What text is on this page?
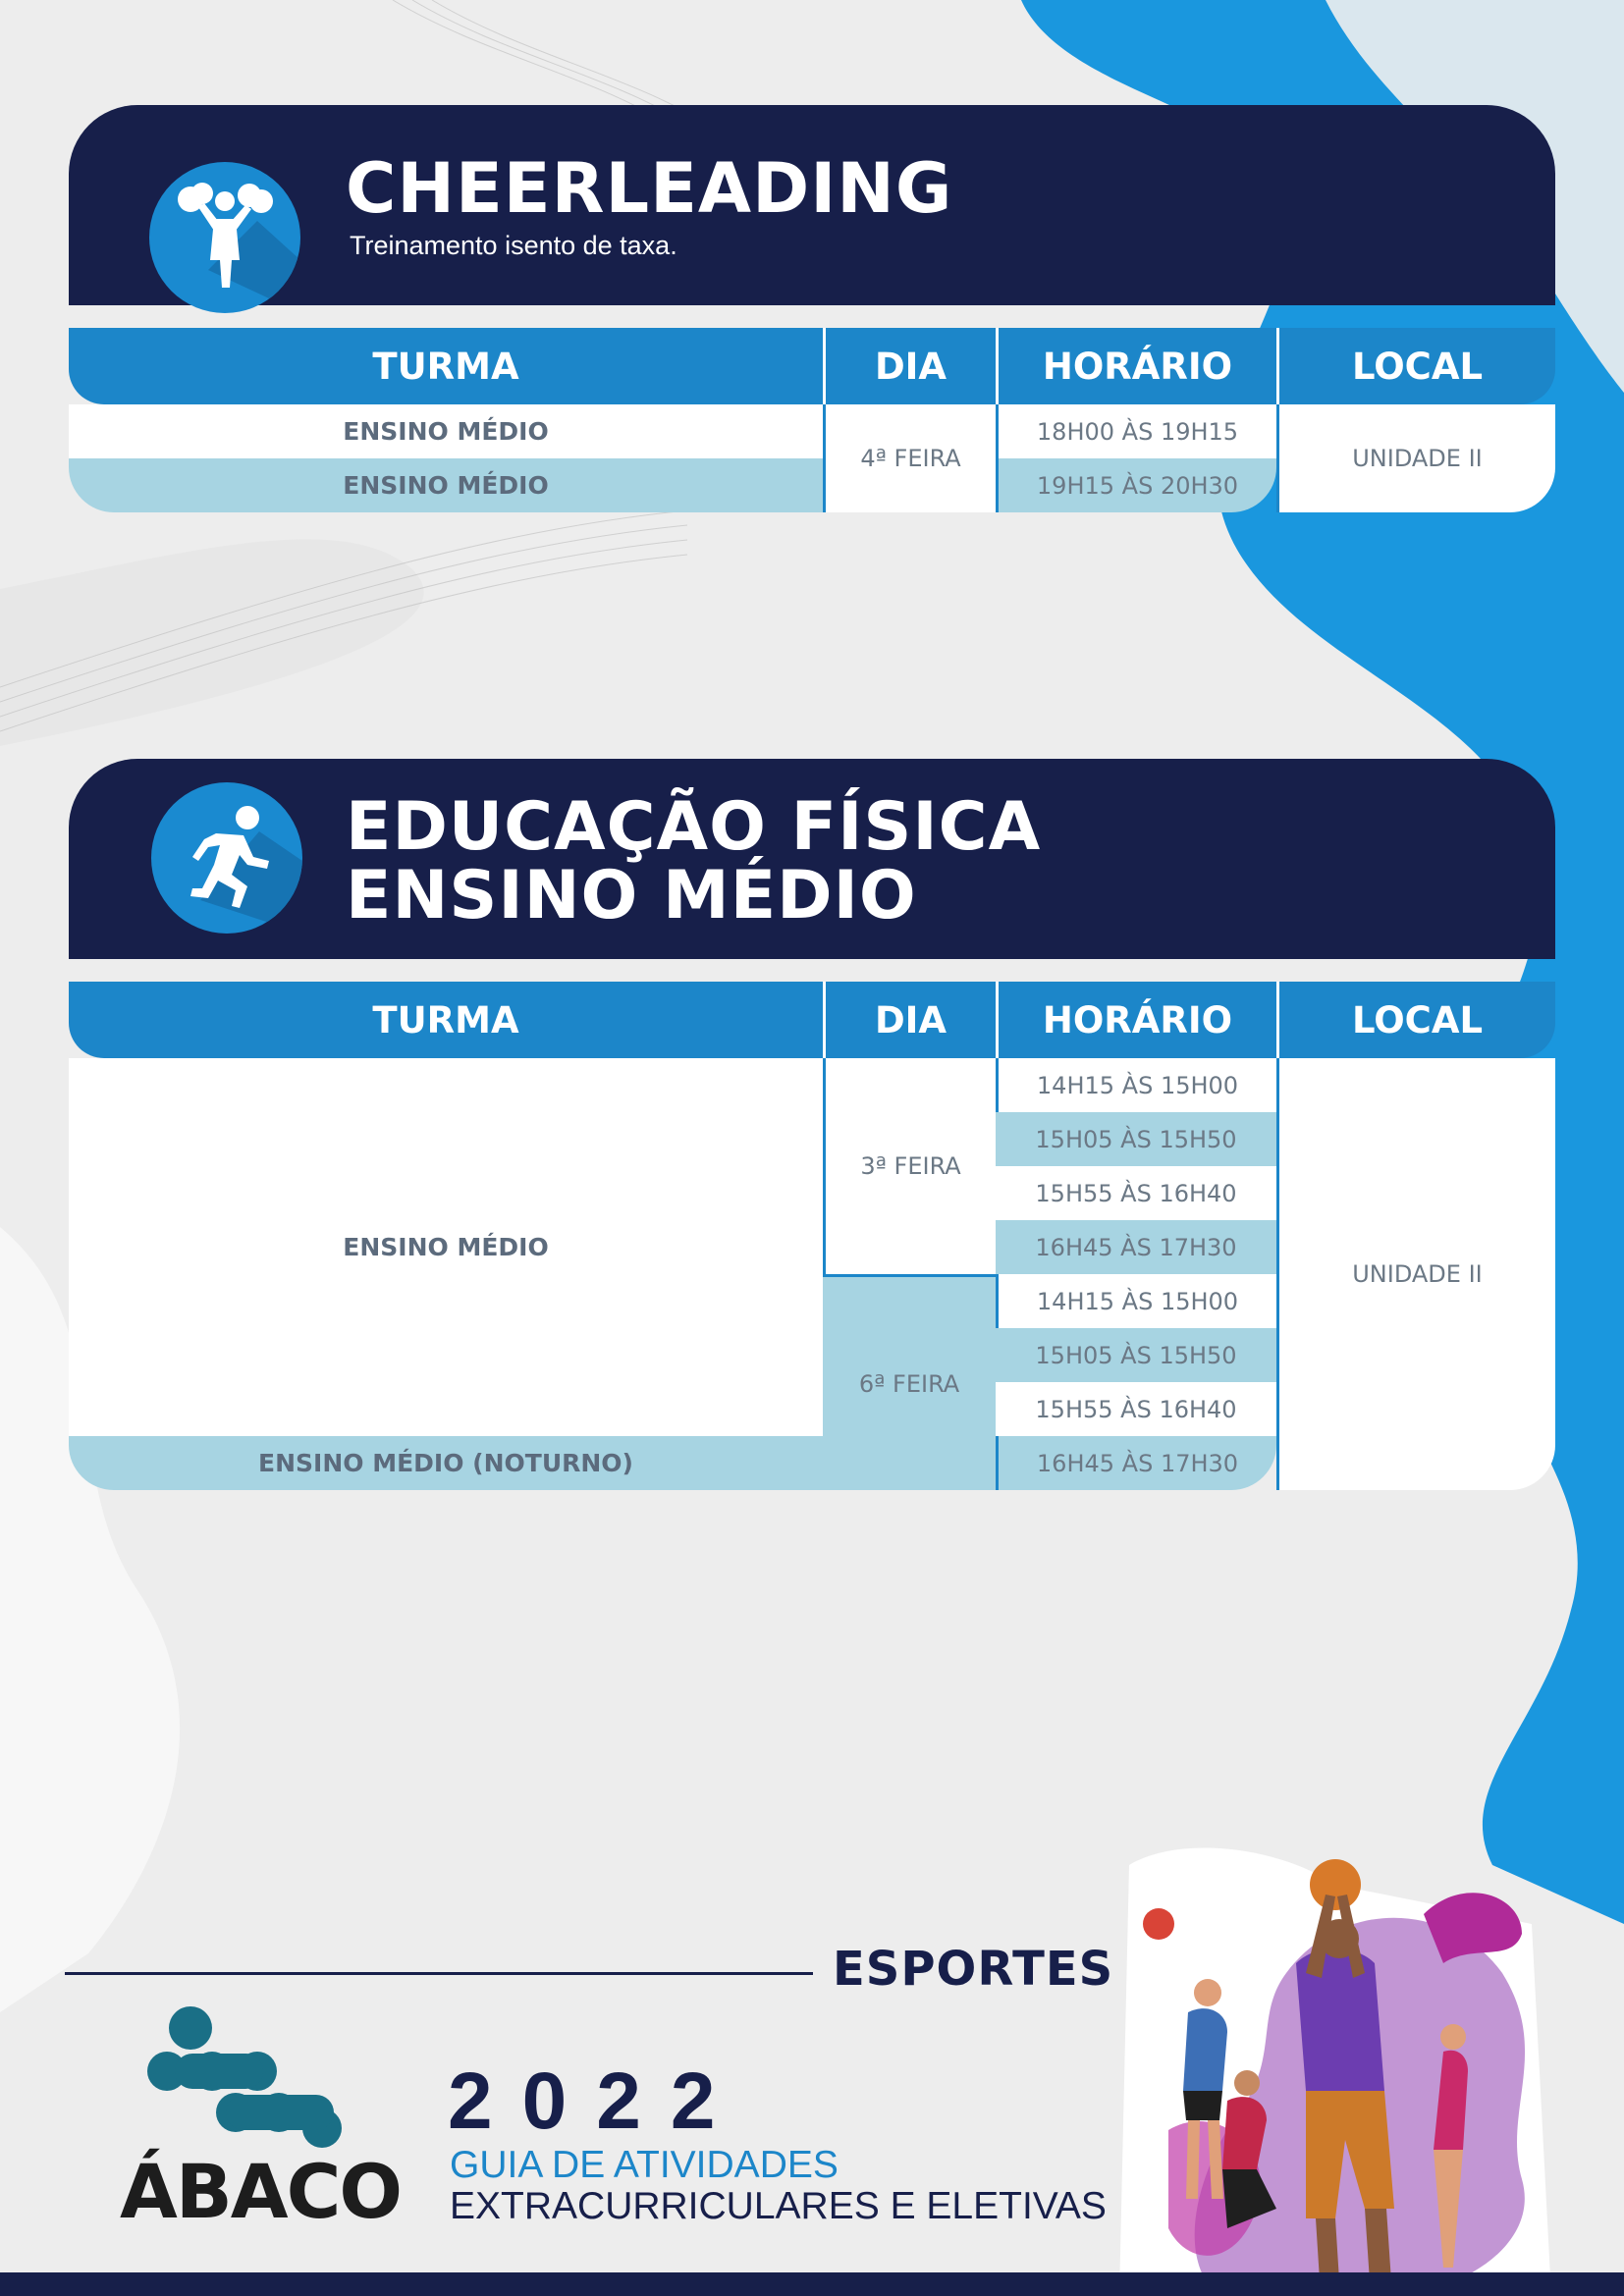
CHEERLEADING
Treinamento isento de taxa.
TURMA	DIA	HORÁRIO	LOCAL
ENSINO MÉDIO	4ª FEIRA	18H00 ÀS 19H15	UNIDADE II
ENSINO MÉDIO		19H15 ÀS 20H30	
EDUCAÇÃO FÍSICA
ENSINO MÉDIO
TURMA	DIA	HORÁRIO	LOCAL
ENSINO MÉDIO	3ª FEIRA	14H15 ÀS 15H00	UNIDADE II
		15H05 ÀS 15H50	
		15H55 ÀS 16H40	
		16H45 ÀS 17H30	
	6ª FEIRA	14H15 ÀS 15H00	
		15H05 ÀS 15H50	
		15H55 ÀS 16H40	
ENSINO MÉDIO (NOTURNO)		16H45 ÀS 17H30	
ESPORTES
ÁBACO
2022
GUIA DE ATIVIDADES
EXTRACURRICULARES E ELETIVAS
